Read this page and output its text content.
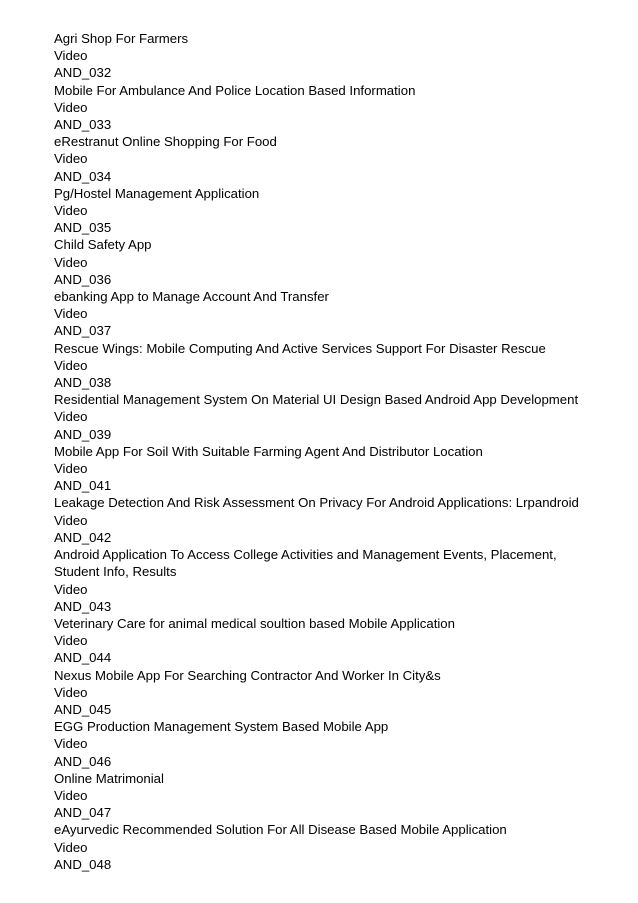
Agri Shop For Farmers
Video
AND_032
Mobile For Ambulance And Police Location Based Information
Video
AND_033
eRestranut Online Shopping For Food
Video
AND_034
Pg/Hostel Management Application
Video
AND_035
Child Safety App
Video
AND_036
ebanking App to Manage Account And Transfer
Video
AND_037
Rescue Wings: Mobile Computing And Active Services Support For Disaster Rescue
Video
AND_038
Residential Management System On Material UI Design Based Android App Development
Video
AND_039
Mobile App For Soil With Suitable Farming Agent And Distributor Location
Video
AND_041
Leakage Detection And Risk Assessment On Privacy For Android Applications: Lrpandroid
Video
AND_042
Android Application To Access College Activities and Management Events, Placement, Student Info, Results
Video
AND_043
Veterinary Care for animal medical soultion based Mobile Application
Video
AND_044
Nexus Mobile App For Searching Contractor And Worker In City&s
Video
AND_045
EGG Production Management System Based Mobile App
Video
AND_046
Online Matrimonial
Video
AND_047
eAyurvedic Recommended Solution For All Disease Based Mobile Application
Video
AND_048
